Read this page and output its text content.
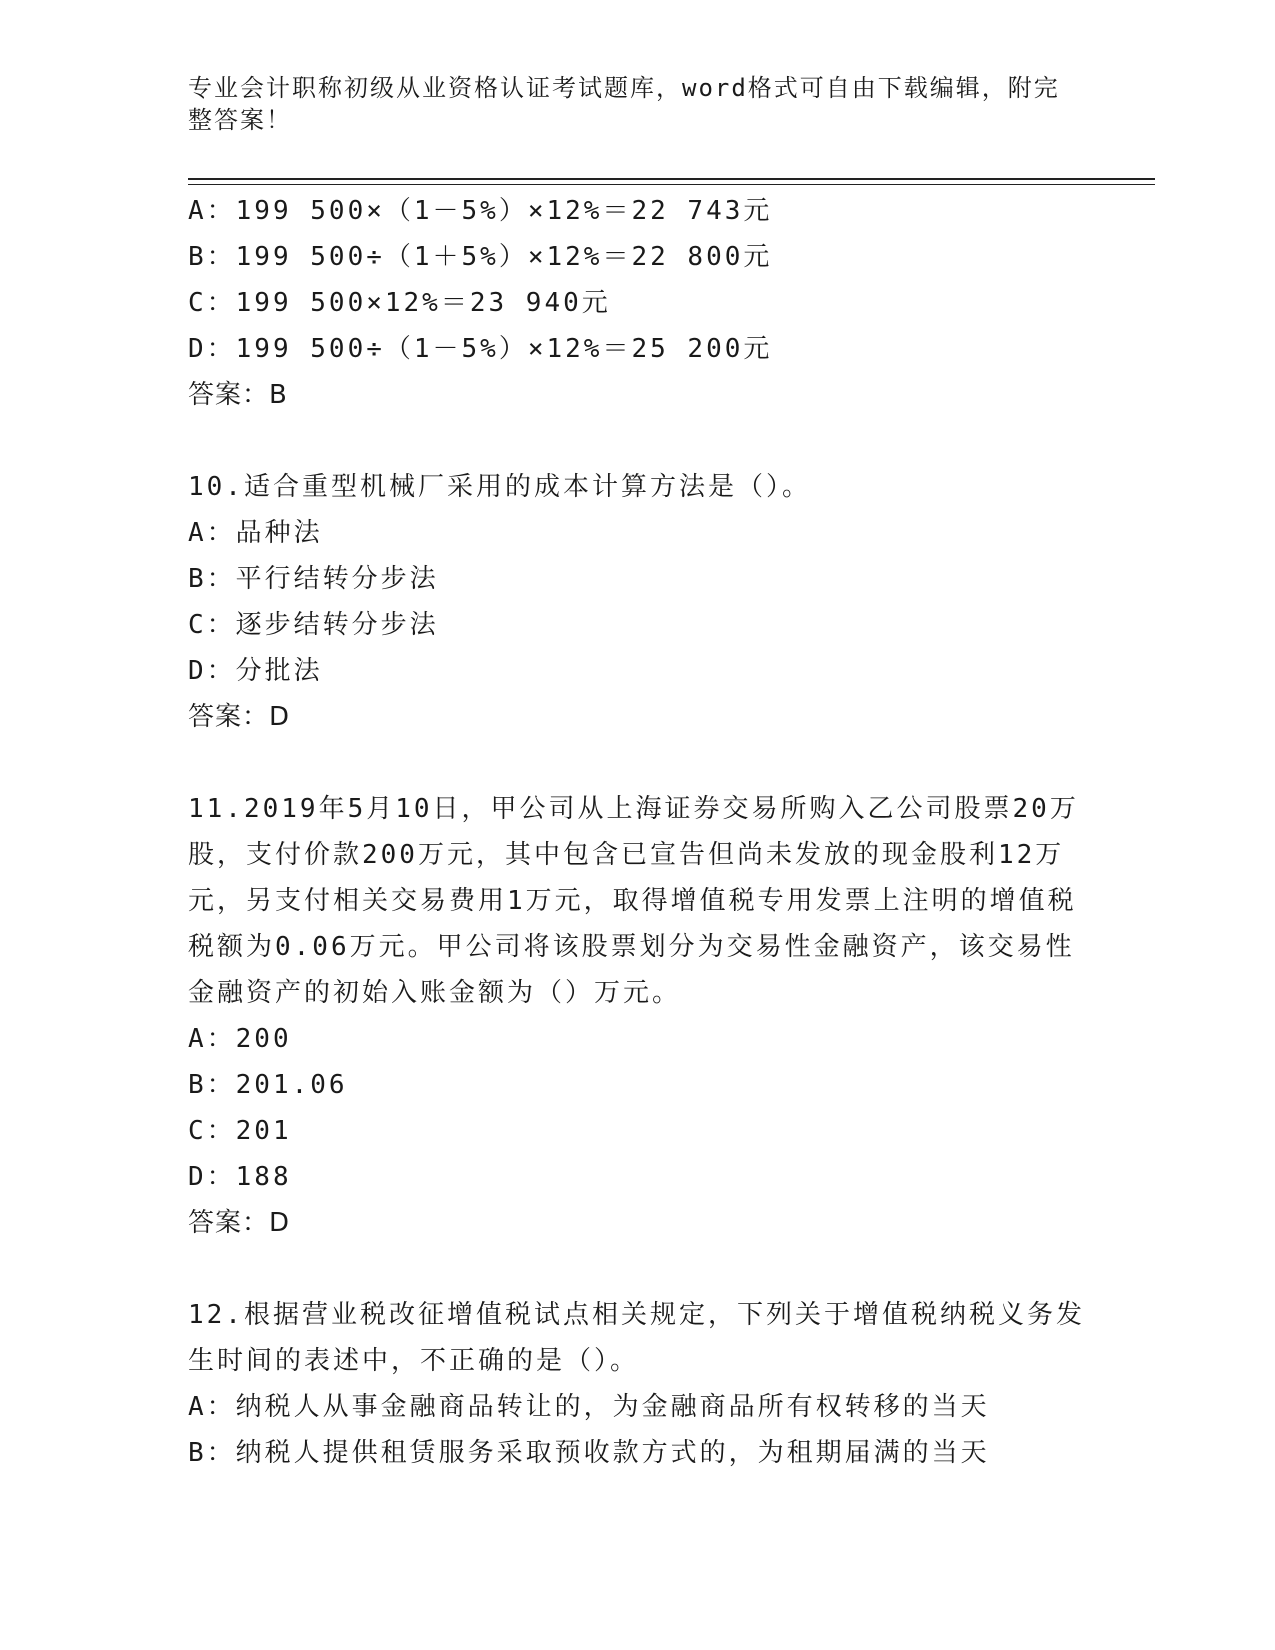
专业会计职称初级从业资格认证考试题库，word格式可自由下载编辑，附完整答案！
A：199 500×（1－5%）×12%＝22 743元
B：199 500÷（1＋5%）×12%＝22 800元
C：199 500×12%＝23 940元
D：199 500÷（1－5%）×12%＝25 200元
答案：B
10.适合重型机械厂采用的成本计算方法是（）。
A：品种法
B：平行结转分步法
C：逐步结转分步法
D：分批法
答案：D
11.2019年5月10日，甲公司从上海证券交易所购入乙公司股票20万股，支付价款200万元，其中包含已宣告但尚未发放的现金股利12万元，另支付相关交易费用1万元，取得增值税专用发票上注明的增值税税额为0.06万元。甲公司将该股票划分为交易性金融资产，该交易性金融资产的初始入账金额为（）万元。
A：200
B：201.06
C：201
D：188
答案：D
12.根据营业税改征增值税试点相关规定，下列关于增值税纳税义务发生时间的表述中，不正确的是（）。
A：纳税人从事金融商品转让的，为金融商品所有权转移的当天
B：纳税人提供租赁服务采取预收款方式的，为租期届满的当天
